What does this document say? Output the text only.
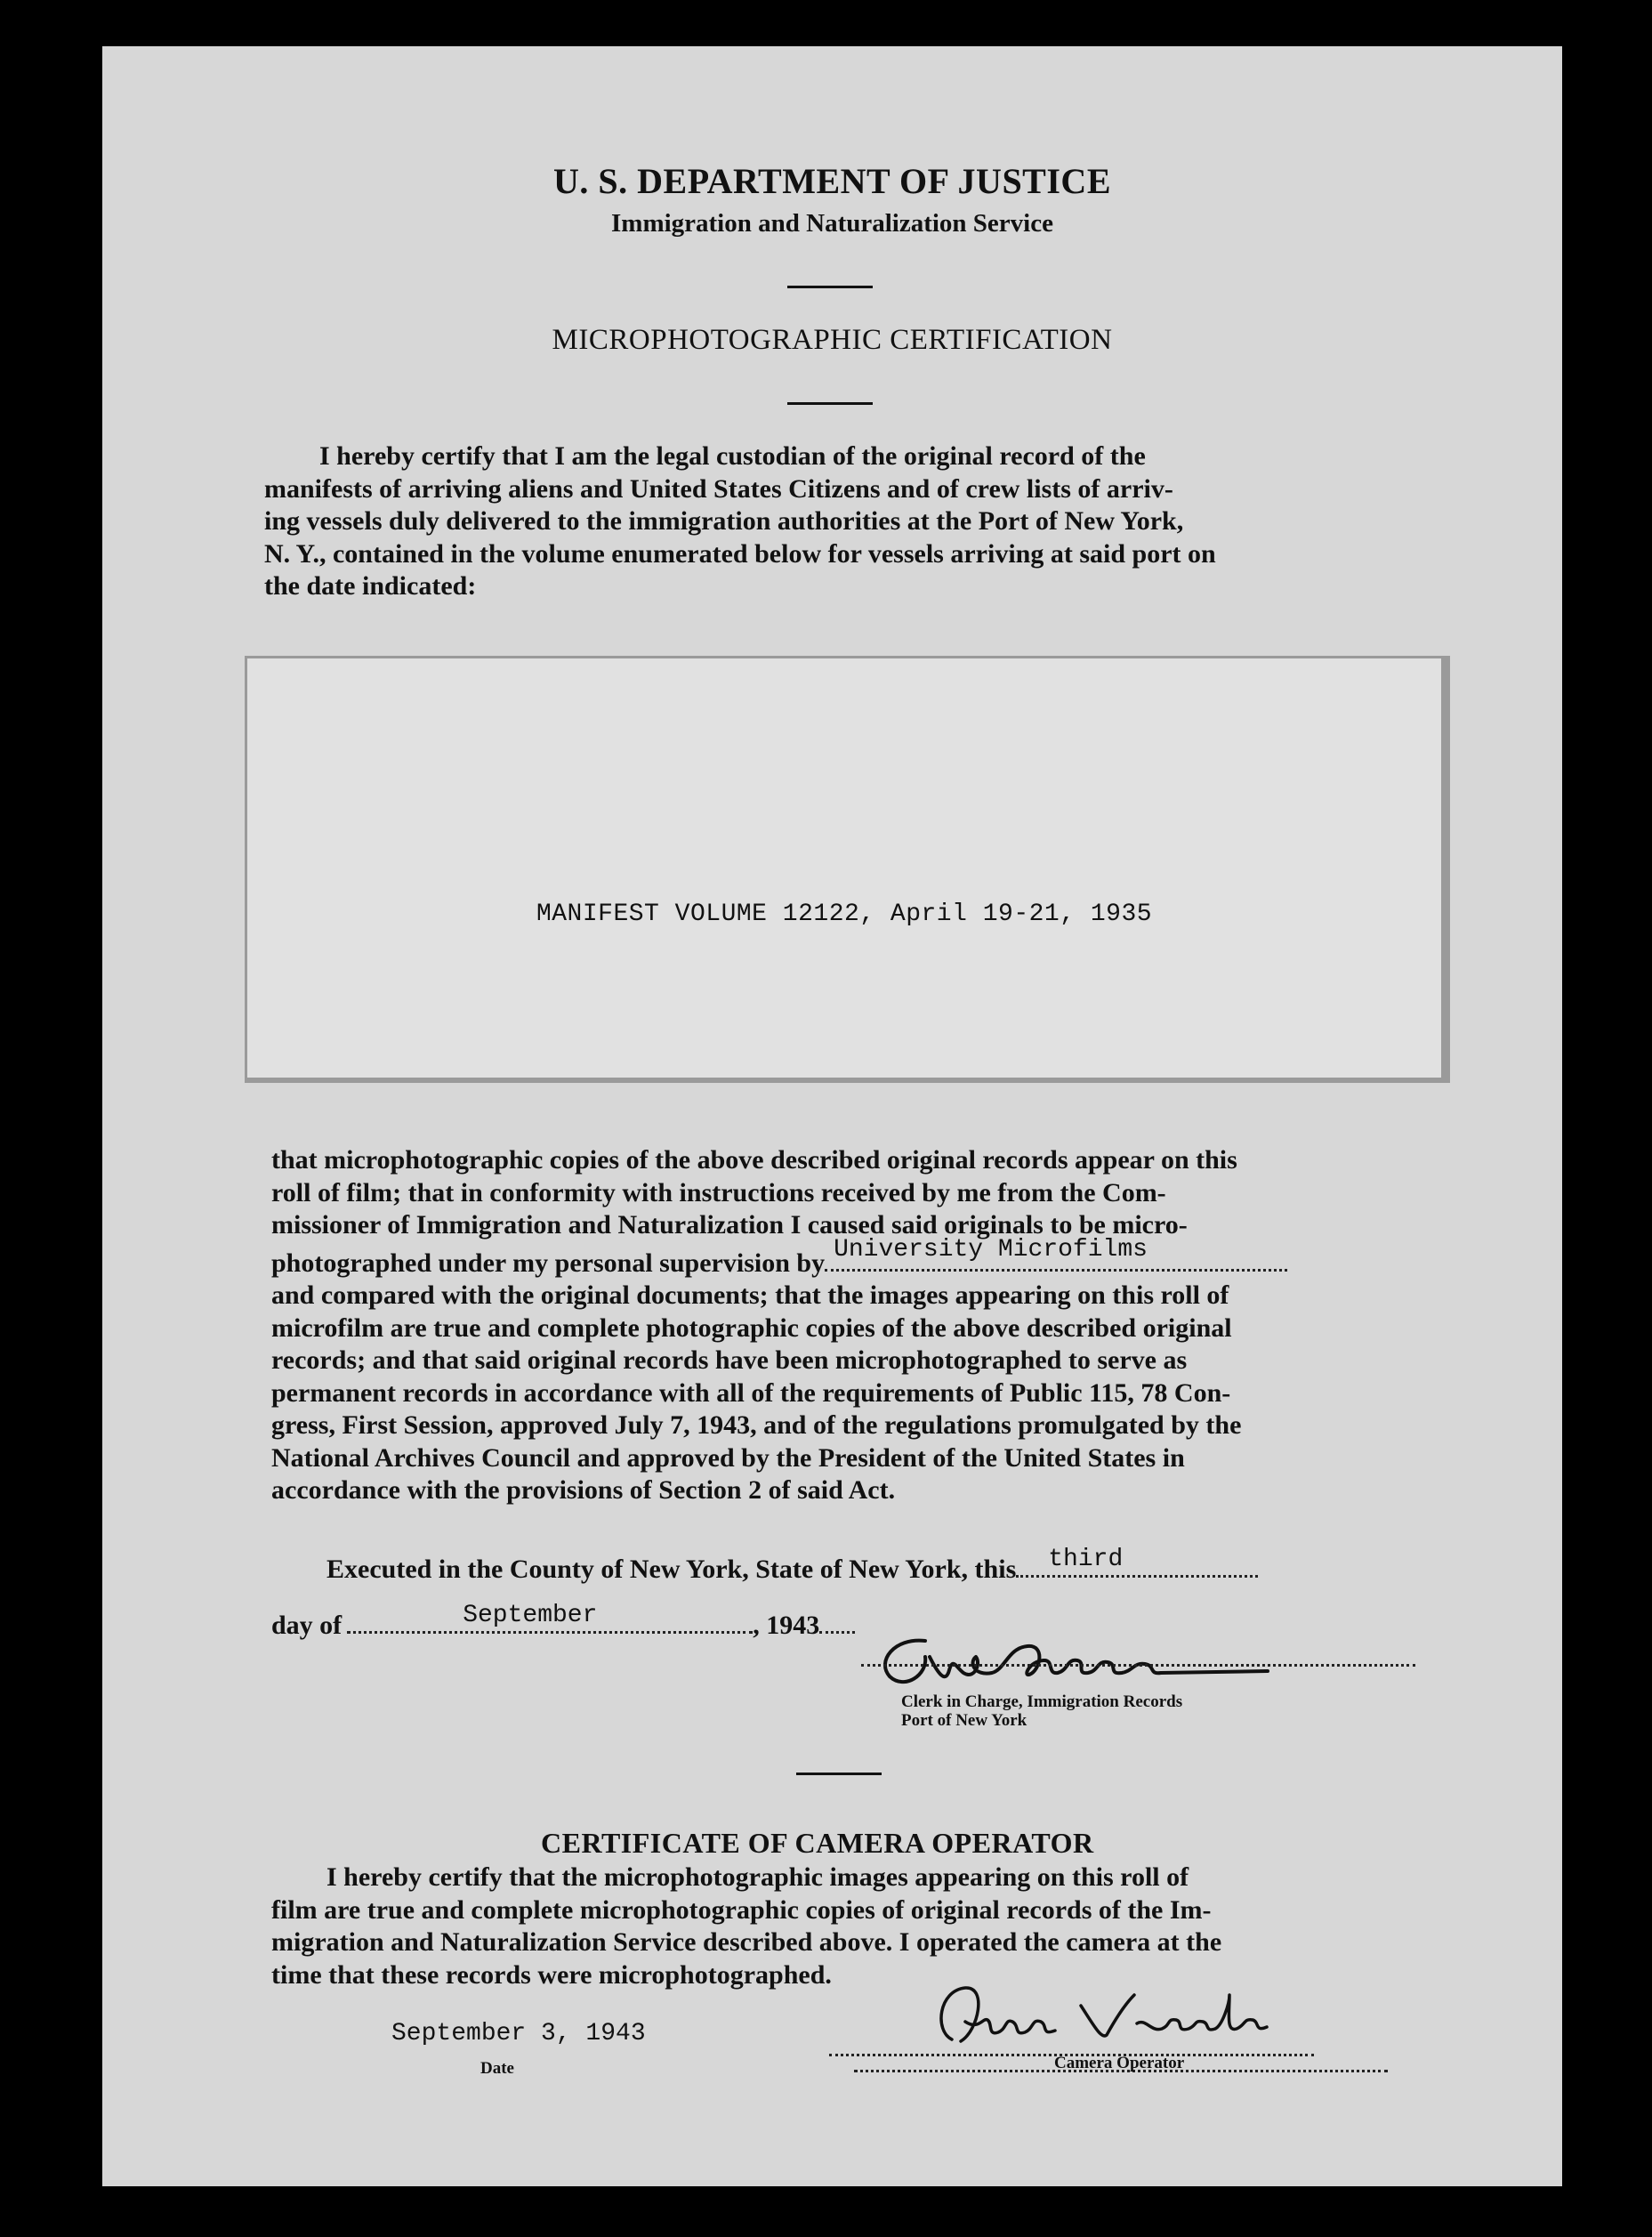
U. S. DEPARTMENT OF JUSTICE
Immigration and Naturalization Service
MICROPHOTOGRAPHIC CERTIFICATION

I hereby certify that I am the legal custodian of the original record of the

manifests of arriving aliens and United States Citizens and of crew lists of arriv-

ing vessels duly delivered to the immigration authorities at the Port of New York,

N. Y., contained in the volume enumerated below for vessels arriving at said port on

the date indicated:

MANIFEST VOLUME 12122, April 19-21, 1935

that microphotographic copies of the above described original records appear on this

roll of film; that in conformity with instructions received by me from the Com-

missioner of Immigration and Naturalization I caused said originals to be micro-

photographed under my personal supervision by University Microfilms

and compared with the original documents; that the images appearing on this roll of

microfilm are true and complete photographic copies of the above described original

records; and that said original records have been microphotographed to serve as

permanent records in accordance with all of the requirements of Public 115, 78 Con-

gress, First Session, approved July 7, 1943, and of the regulations promulgated by the

National Archives Council and approved by the President of the United States in

accordance with the provisions of Section 2 of said Act.

Executed in the County of New York, State of New York, this third
day of	September	, 1943

Clerk in Charge, Immigration Records
Port of New York
CERTIFICATE OF CAMERA OPERATOR

I hereby certify that the microphotographic images appearing on this roll of

film are true and complete microphotographic copies of original records of the Im-

migration and Naturalization Service described above. I operated the camera at the

time that these records were microphotographed.

September 3, 1943
Date	Camera Operator
